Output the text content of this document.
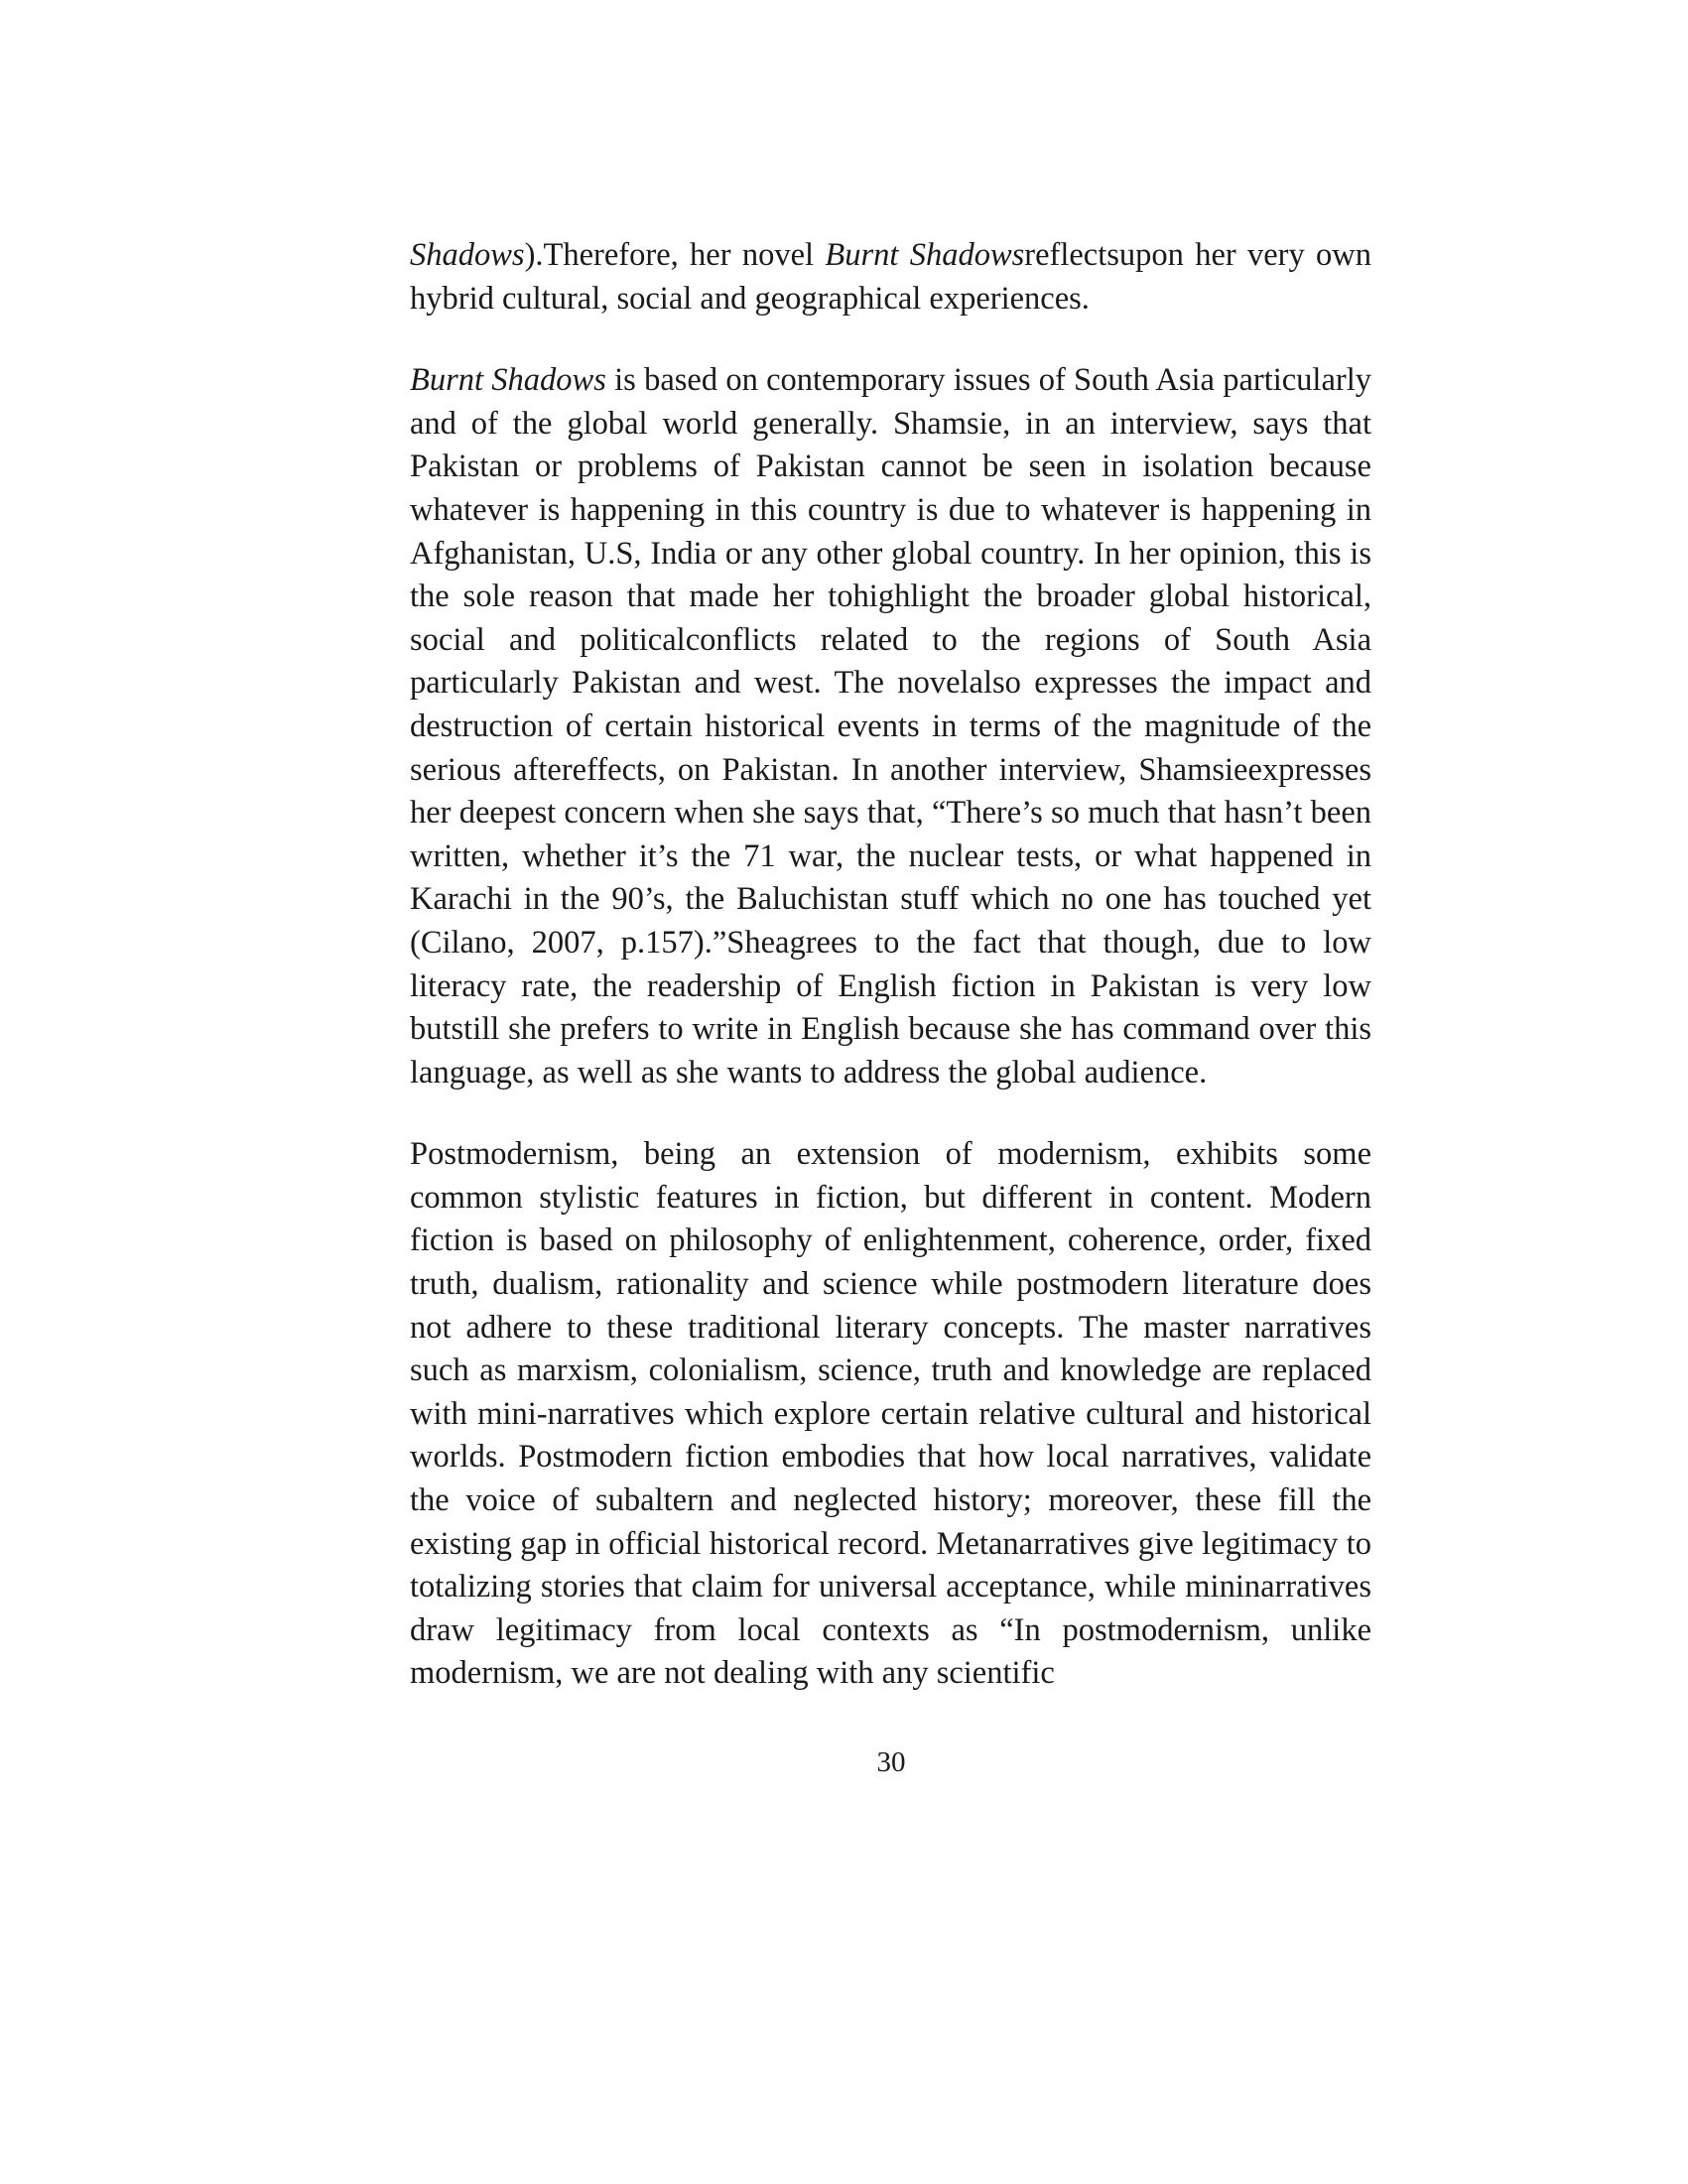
Shadows).Therefore, her novel Burnt Shadowsreflectsupon her very own hybrid cultural, social and geographical experiences.

Burnt Shadows is based on contemporary issues of South Asia particularly and of the global world generally. Shamsie, in an interview, says that Pakistan or problems of Pakistan cannot be seen in isolation because whatever is happening in this country is due to whatever is happening in Afghanistan, U.S, India or any other global country. In her opinion, this is the sole reason that made her tohighlight the broader global historical, social and politicalconflicts related to the regions of South Asia particularly Pakistan and west. The novelalso expresses the impact and destruction of certain historical events in terms of the magnitude of the serious aftereffects, on Pakistan. In another interview, Shamsieexpresses her deepest concern when she says that, “There’s so much that hasn’t been written, whether it’s the 71 war, the nuclear tests, or what happened in Karachi in the 90’s, the Baluchistan stuff which no one has touched yet (Cilano, 2007, p.157).”Sheagrees to the fact that though, due to low literacy rate, the readership of English fiction in Pakistan is very low butstill she prefers to write in English because she has command over this language, as well as she wants to address the global audience.

Postmodernism, being an extension of modernism, exhibits some common stylistic features in fiction, but different in content. Modern fiction is based on philosophy of enlightenment, coherence, order, fixed truth, dualism, rationality and science while postmodern literature does not adhere to these traditional literary concepts. The master narratives such as marxism, colonialism, science, truth and knowledge are replaced with mini-narratives which explore certain relative cultural and historical worlds. Postmodern fiction embodies that how local narratives, validate the voice of subaltern and neglected history; moreover, these fill the existing gap in official historical record. Metanarratives give legitimacy to totalizing stories that claim for universal acceptance, while mininarratives draw legitimacy from local contexts as “In postmodernism, unlike modernism, we are not dealing with any scientific

30
